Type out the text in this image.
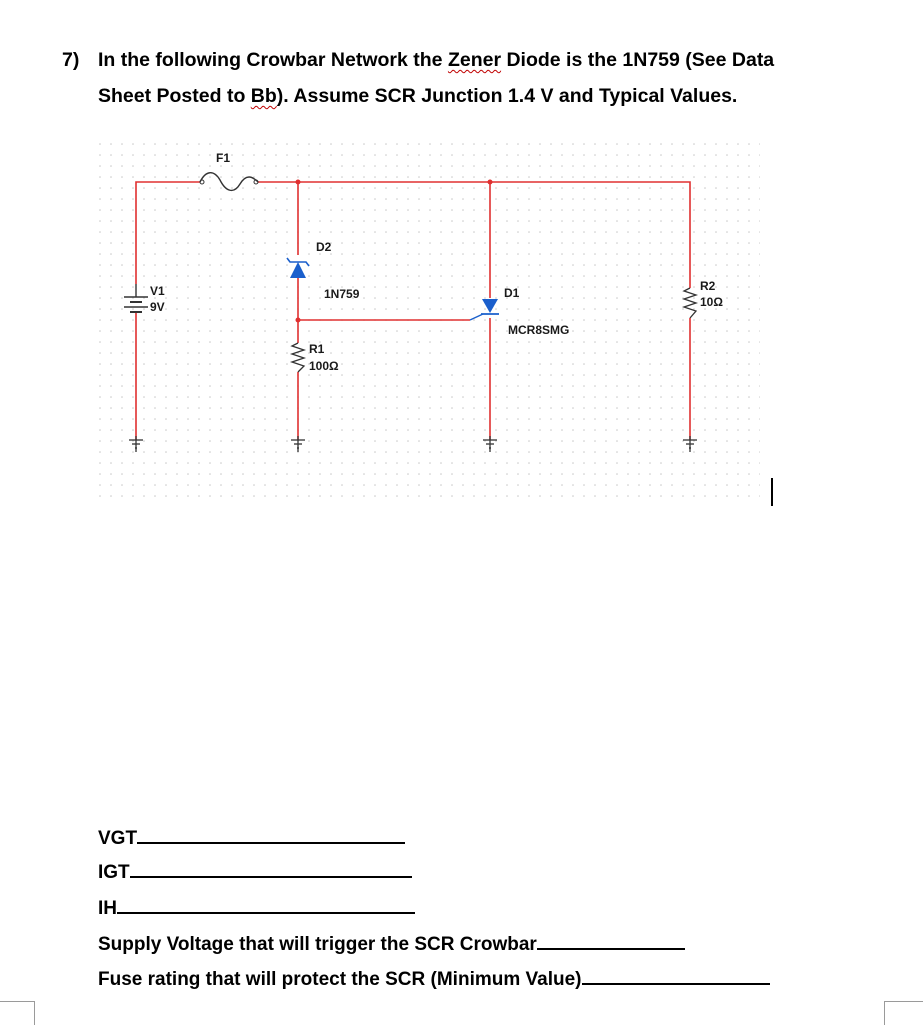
7) In the following Crowbar Network the Zener Diode is the 1N759 (See Data
Sheet Posted to Bb). Assume SCR Junction 1.4 V and Typical Values.
F1
V1
9V
D2
1N759	D1
MCR8SMG
R1
100Ω
R2
10Ω
VGT
IGT
IH
Supply Voltage that will trigger the SCR Crowbar
Fuse rating that will protect the SCR (Minimum Value)
